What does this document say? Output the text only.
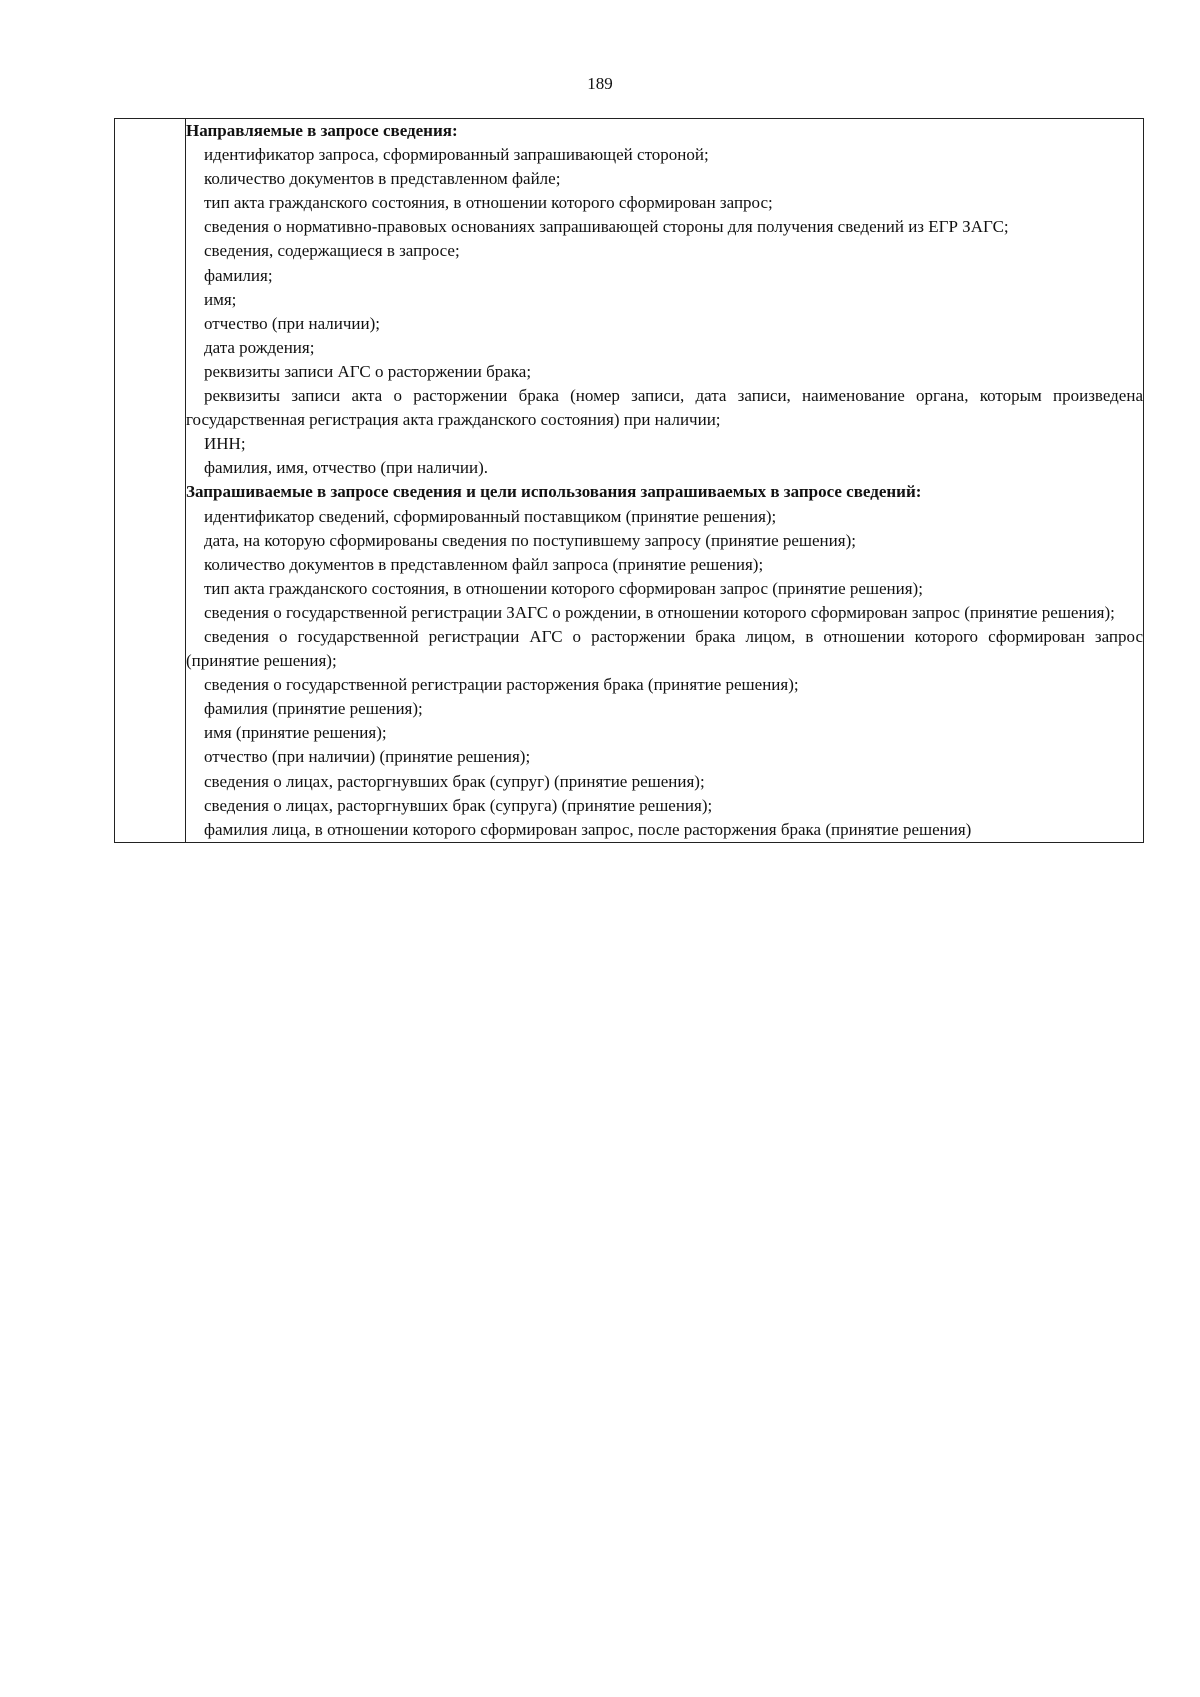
189

Направляемые в запросе сведения:

идентификатор запроса, сформированный запрашивающей стороной;

количество документов в представленном файле;

тип акта гражданского состояния, в отношении которого сформирован запрос;

сведения о нормативно-правовых основаниях запрашивающей стороны для получения сведений из ЕГР ЗАГС;

сведения, содержащиеся в запросе;

фамилия;

имя;

отчество (при наличии);

дата рождения;

реквизиты записи АГС о расторжении брака;

реквизиты записи акта о расторжении брака (номер записи, дата записи, наименование органа, которым произведена государственная регистрация акта гражданского состояния) при наличии;

ИНН;

фамилия, имя, отчество (при наличии).

Запрашиваемые в запросе сведения и цели использования запрашиваемых в запросе сведений:

идентификатор сведений, сформированный поставщиком (принятие решения);

дата, на которую сформированы сведения по поступившему запросу (принятие решения);

количество документов в представленном файл запроса (принятие решения);

тип акта гражданского состояния, в отношении которого сформирован запрос (принятие решения);

сведения о государственной регистрации ЗАГС о рождении, в отношении которого сформирован запрос (принятие решения);

сведения о государственной регистрации АГС о расторжении брака лицом, в отношении которого сформирован запрос (принятие решения);

сведения о государственной регистрации расторжения брака (принятие решения);

фамилия (принятие решения);

имя (принятие решения);

отчество (при наличии) (принятие решения);

сведения о лицах, расторгнувших брак (супруг) (принятие решения);

сведения о лицах, расторгнувших брак (супруга) (принятие решения);

фамилия лица, в отношении которого сформирован запрос, после расторжения брака (принятие решения)
